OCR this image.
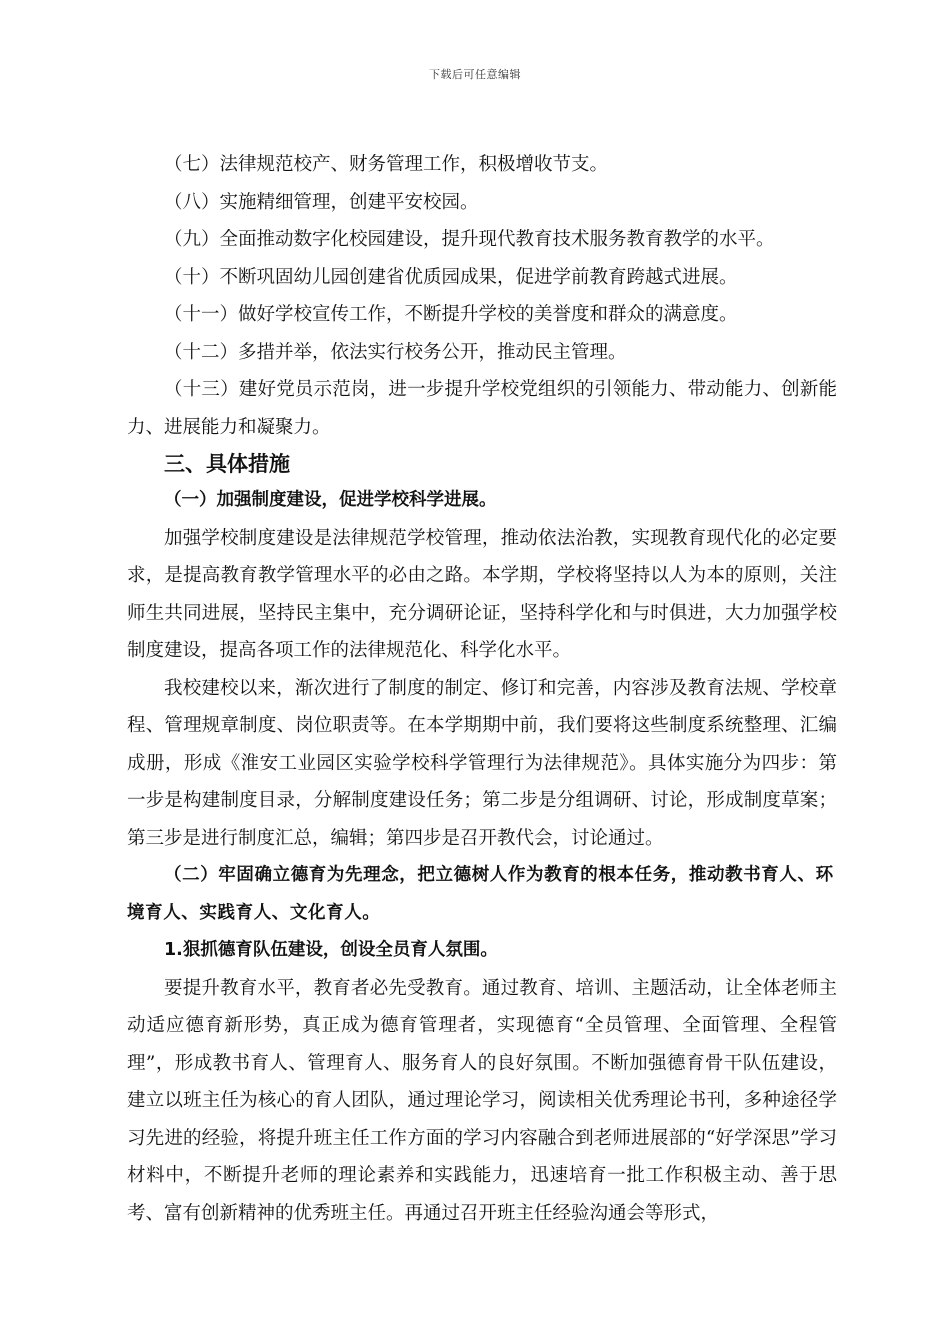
下载后可任意编辑

（七）法律规范校产、财务管理工作，积极增收节支。

（八）实施精细管理，创建平安校园。

（九）全面推动数字化校园建设，提升现代教育技术服务教育教学的水平。

（十）不断巩固幼儿园创建省优质园成果，促进学前教育跨越式进展。

（十一）做好学校宣传工作，不断提升学校的美誉度和群众的满意度。

（十二）多措并举，依法实行校务公开，推动民主管理。

（十三）建好党员示范岗，进一步提升学校党组织的引领能力、带动能力、创新能力、进展能力和凝聚力。

三、具体措施

（一）加强制度建设，促进学校科学进展。

加强学校制度建设是法律规范学校管理，推动依法治教，实现教育现代化的必定要求，是提高教育教学管理水平的必由之路。本学期，学校将坚持以人为本的原则，关注师生共同进展，坚持民主集中，充分调研论证，坚持科学化和与时俱进，大力加强学校制度建设，提高各项工作的法律规范化、科学化水平。

我校建校以来，渐次进行了制度的制定、修订和完善，内容涉及教育法规、学校章程、管理规章制度、岗位职责等。在本学期期中前，我们要将这些制度系统整理、汇编成册，形成《淮安工业园区实验学校科学管理行为法律规范》。具体实施分为四步：第一步是构建制度目录，分解制度建设任务；第二步是分组调研、讨论，形成制度草案；第三步是进行制度汇总，编辑；第四步是召开教代会，讨论通过。

（二）牢固确立德育为先理念，把立德树人作为教育的根本任务，推动教书育人、环境育人、实践育人、文化育人。

1.狠抓德育队伍建设，创设全员育人氛围。

要提升教育水平，教育者必先受教育。通过教育、培训、主题活动，让全体老师主动适应德育新形势，真正成为德育管理者，实现德育“全员管理、全面管理、全程管理”，形成教书育人、管理育人、服务育人的良好氛围。不断加强德育骨干队伍建设，建立以班主任为核心的育人团队，通过理论学习，阅读相关优秀理论书刊，多种途径学习先进的经验，将提升班主任工作方面的学习内容融合到老师进展部的“好学深思”学习材料中，不断提升老师的理论素养和实践能力，迅速培育一批工作积极主动、善于思考、富有创新精神的优秀班主任。再通过召开班主任经验沟通会等形式，
